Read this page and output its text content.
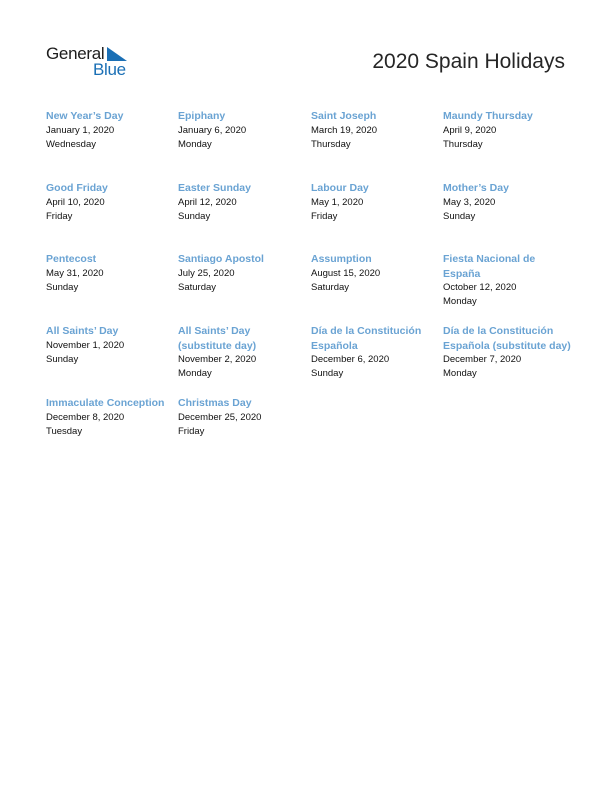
General
Blue	2020 Spain Holidays
New Year’s Day
January 1, 2020
Wednesday
Epiphany
January 6, 2020
Monday
Saint Joseph
March 19, 2020
Thursday
Maundy Thursday
April 9, 2020
Thursday
Good Friday
April 10, 2020
Friday
Easter Sunday
April 12, 2020
Sunday
Labour Day
May 1, 2020
Friday
Mother’s Day
May 3, 2020
Sunday
Pentecost
May 31, 2020
Sunday
Santiago Apostol
July 25, 2020
Saturday
Assumption
August 15, 2020
Saturday
Fiesta Nacional de España
October 12, 2020
Monday
All Saints’ Day
November 1, 2020
Sunday
All Saints’ Day (substitute day)
November 2, 2020
Monday
Día de la Constitución Española
December 6, 2020
Sunday
Día de la Constitución Española (substitute day)
December 7, 2020
Monday
Immaculate Conception
December 8, 2020
Tuesday
Christmas Day
December 25, 2020
Friday
